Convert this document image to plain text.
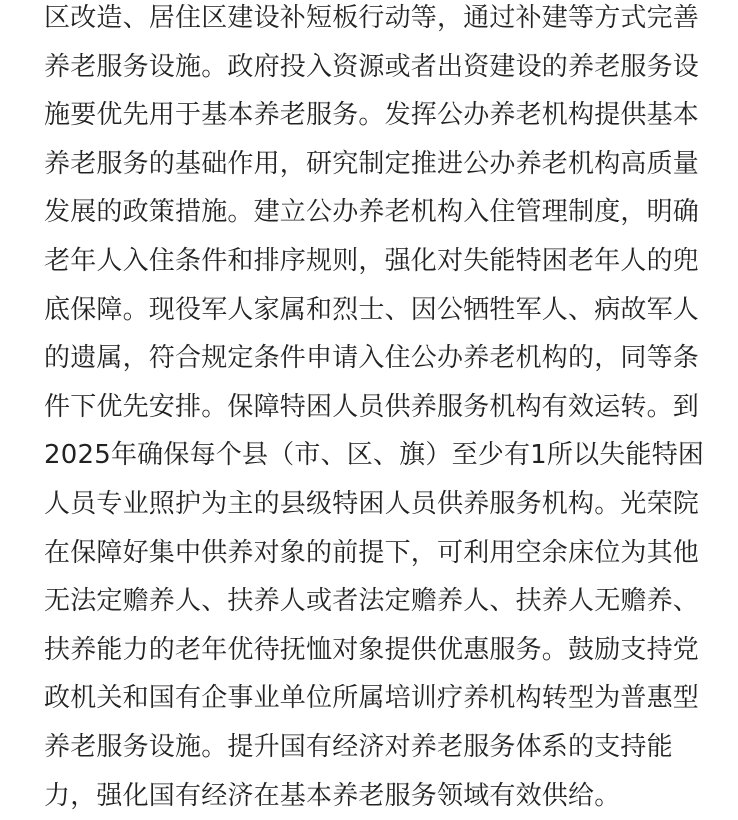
区改造、居住区建设补短板行动等，通过补建等方式完善
养老服务设施。政府投入资源或者出资建设的养老服务设
施要优先用于基本养老服务。发挥公办养老机构提供基本
养老服务的基础作用，研究制定推进公办养老机构高质量
发展的政策措施。建立公办养老机构入住管理制度，明确
老年人入住条件和排序规则，强化对失能特困老年人的兜
底保障。现役军人家属和烈士、因公牺牲军人、病故军人
的遗属，符合规定条件申请入住公办养老机构的，同等条
件下优先安排。保障特困人员供养服务机构有效运转。到
2025年确保每个县（市、区、旗）至少有1所以失能特困
人员专业照护为主的县级特困人员供养服务机构。光荣院
在保障好集中供养对象的前提下，可利用空余床位为其他
无法定赡养人、扶养人或者法定赡养人、扶养人无赡养、
扶养能力的老年优待抚恤对象提供优惠服务。鼓励支持党
政机关和国有企事业单位所属培训疗养机构转型为普惠型
养老服务设施。提升国有经济对养老服务体系的支持能
力，强化国有经济在基本养老服务领域有效供给。
